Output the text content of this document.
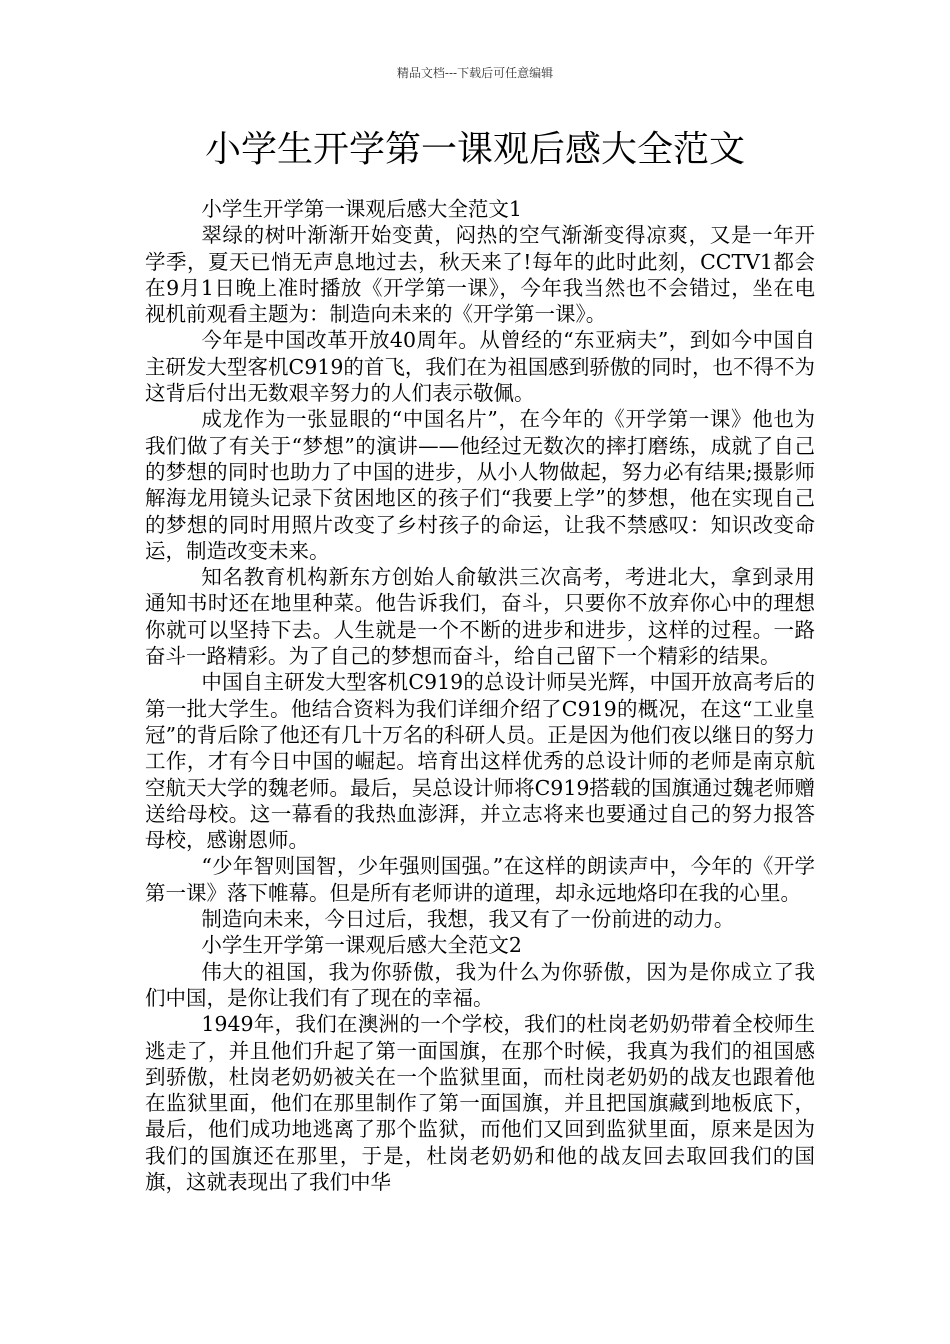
精品文档---下载后可任意编辑
小学生开学第一课观后感大全范文

小学生开学第一课观后感大全范文1

翠绿的树叶渐渐开始变黄，闷热的空气渐渐变得凉爽，又是一年开学季，夏天已悄无声息地过去，秋天来了!每年的此时此刻，CCTV1都会在9月1日晚上准时播放《开学第一课》，今年我当然也不会错过，坐在电视机前观看主题为：制造向未来的《开学第一课》。

今年是中国改革开放40周年。从曾经的“东亚病夫”，到如今中国自主研发大型客机C919的首飞，我们在为祖国感到骄傲的同时，也不得不为这背后付出无数艰辛努力的人们表示敬佩。

成龙作为一张显眼的“中国名片”，在今年的《开学第一课》他也为我们做了有关于“梦想”的演讲——他经过无数次的摔打磨练，成就了自己的梦想的同时也助力了中国的进步，从小人物做起，努力必有结果;摄影师解海龙用镜头记录下贫困地区的孩子们“我要上学”的梦想，他在实现自己的梦想的同时用照片改变了乡村孩子的命运，让我不禁感叹：知识改变命运，制造改变未来。

知名教育机构新东方创始人俞敏洪三次高考，考进北大，拿到录用通知书时还在地里种菜。他告诉我们，奋斗，只要你不放弃你心中的理想你就可以坚持下去。人生就是一个不断的进步和进步，这样的过程。一路奋斗一路精彩。为了自己的梦想而奋斗，给自己留下一个精彩的结果。

中国自主研发大型客机C919的总设计师吴光辉，中国开放高考后的第一批大学生。他结合资料为我们详细介绍了C919的概况，在这“工业皇冠”的背后除了他还有几十万名的科研人员。正是因为他们夜以继日的努力工作，才有今日中国的崛起。培育出这样优秀的总设计师的老师是南京航空航天大学的魏老师。最后，吴总设计师将C919搭载的国旗通过魏老师赠送给母校。这一幕看的我热血澎湃，并立志将来也要通过自己的努力报答母校，感谢恩师。

“少年智则国智，少年强则国强。”在这样的朗读声中，今年的《开学第一课》落下帷幕。但是所有老师讲的道理，却永远地烙印在我的心里。

制造向未来，今日过后，我想，我又有了一份前进的动力。

小学生开学第一课观后感大全范文2

伟大的祖国，我为你骄傲，我为什么为你骄傲，因为是你成立了我们中国，是你让我们有了现在的幸福。

1949年，我们在澳洲的一个学校，我们的杜岗老奶奶带着全校师生逃走了，并且他们升起了第一面国旗，在那个时候，我真为我们的祖国感到骄傲，杜岗老奶奶被关在一个监狱里面，而杜岗老奶奶的战友也跟着他在监狱里面，他们在那里制作了第一面国旗，并且把国旗藏到地板底下，最后，他们成功地逃离了那个监狱，而他们又回到监狱里面，原来是因为我们的国旗还在那里，于是，杜岗老奶奶和他的战友回去取回我们的国旗，这就表现出了我们中华
